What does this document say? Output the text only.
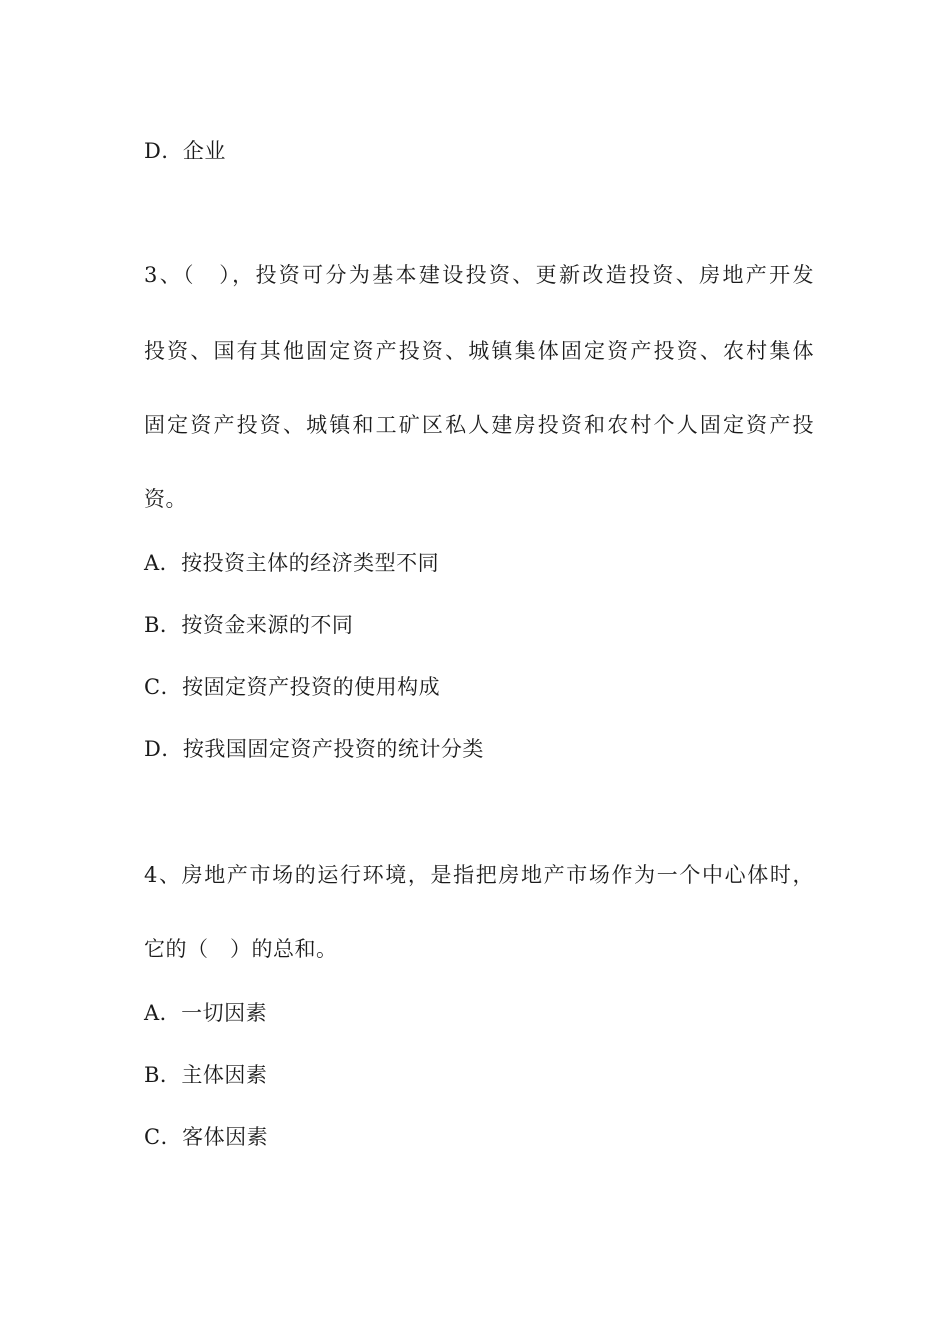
D．企业
3、（　），投资可分为基本建设投资、更新改造投资、房地产开发
投资、国有其他固定资产投资、城镇集体固定资产投资、农村集体
固定资产投资、城镇和工矿区私人建房投资和农村个人固定资产投
资。
A．按投资主体的经济类型不同
B．按资金来源的不同
C．按固定资产投资的使用构成
D．按我国固定资产投资的统计分类
4、房地产市场的运行环境，是指把房地产市场作为一个中心体时，
它的（　）的总和。
A．一切因素
B．主体因素
C．客体因素
